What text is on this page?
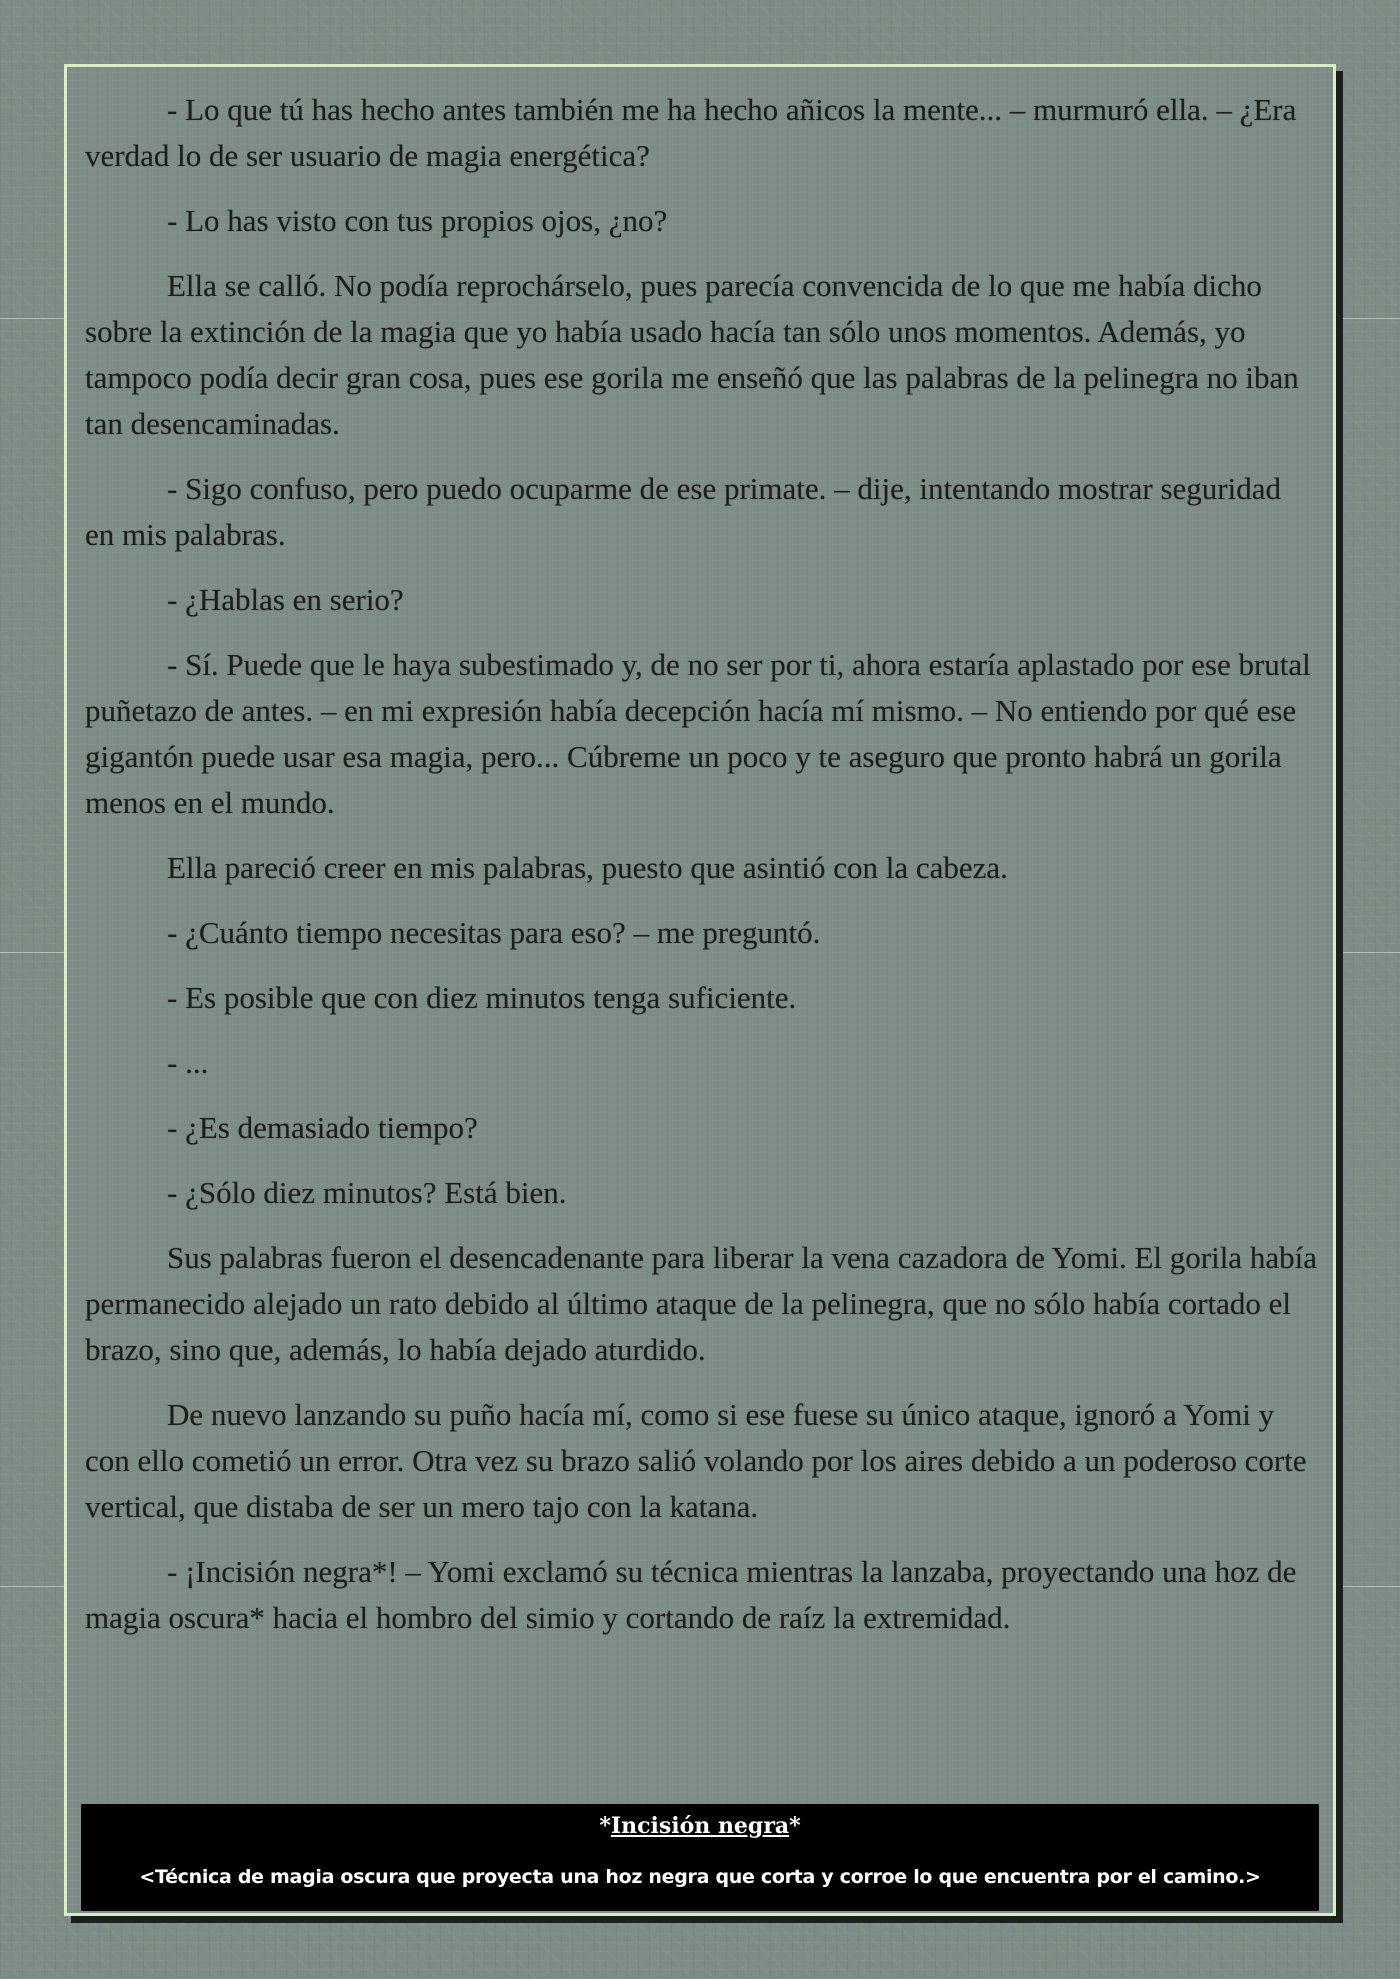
- Lo que tú has hecho antes también me ha hecho añicos la mente... – murmuró ella. – ¿Era verdad lo de ser usuario de magia energética?

- Lo has visto con tus propios ojos, ¿no?

Ella se calló. No podía reprochárselo, pues parecía convencida de lo que me había dicho sobre la extinción de la magia que yo había usado hacía tan sólo unos momentos. Además, yo tampoco podía decir gran cosa, pues ese gorila me enseñó que las palabras de la pelinegra no iban tan desencaminadas.

- Sigo confuso, pero puedo ocuparme de ese primate. – dije, intentando mostrar seguridad en mis palabras.

- ¿Hablas en serio?

- Sí. Puede que le haya subestimado y, de no ser por ti, ahora estaría aplastado por ese brutal puñetazo de antes. – en mi expresión había decepción hacía mí mismo. – No entiendo por qué ese gigantón puede usar esa magia, pero... Cúbreme un poco y te aseguro que pronto habrá un gorila menos en el mundo.

Ella pareció creer en mis palabras, puesto que asintió con la cabeza.

- ¿Cuánto tiempo necesitas para eso? – me preguntó.

- Es posible que con diez minutos tenga suficiente.

- ...

- ¿Es demasiado tiempo?

- ¿Sólo diez minutos? Está bien.

Sus palabras fueron el desencadenante para liberar la vena cazadora de Yomi. El gorila había permanecido alejado un rato debido al último ataque de la pelinegra, que no sólo había cortado el brazo, sino que, además, lo había dejado aturdido.

De nuevo lanzando su puño hacía mí, como si ese fuese su único ataque, ignoró a Yomi y con ello cometió un error. Otra vez su brazo salió volando por los aires debido a un poderoso corte vertical, que distaba de ser un mero tajo con la katana.

- ¡Incisión negra*! – Yomi exclamó su técnica mientras la lanzaba, proyectando una hoz de magia oscura* hacia el hombro del simio y cortando de raíz la extremidad.

*Incisión negra*
<Técnica de magia oscura que proyecta una hoz negra que corta y corroe lo que encuentra por el camino.>
